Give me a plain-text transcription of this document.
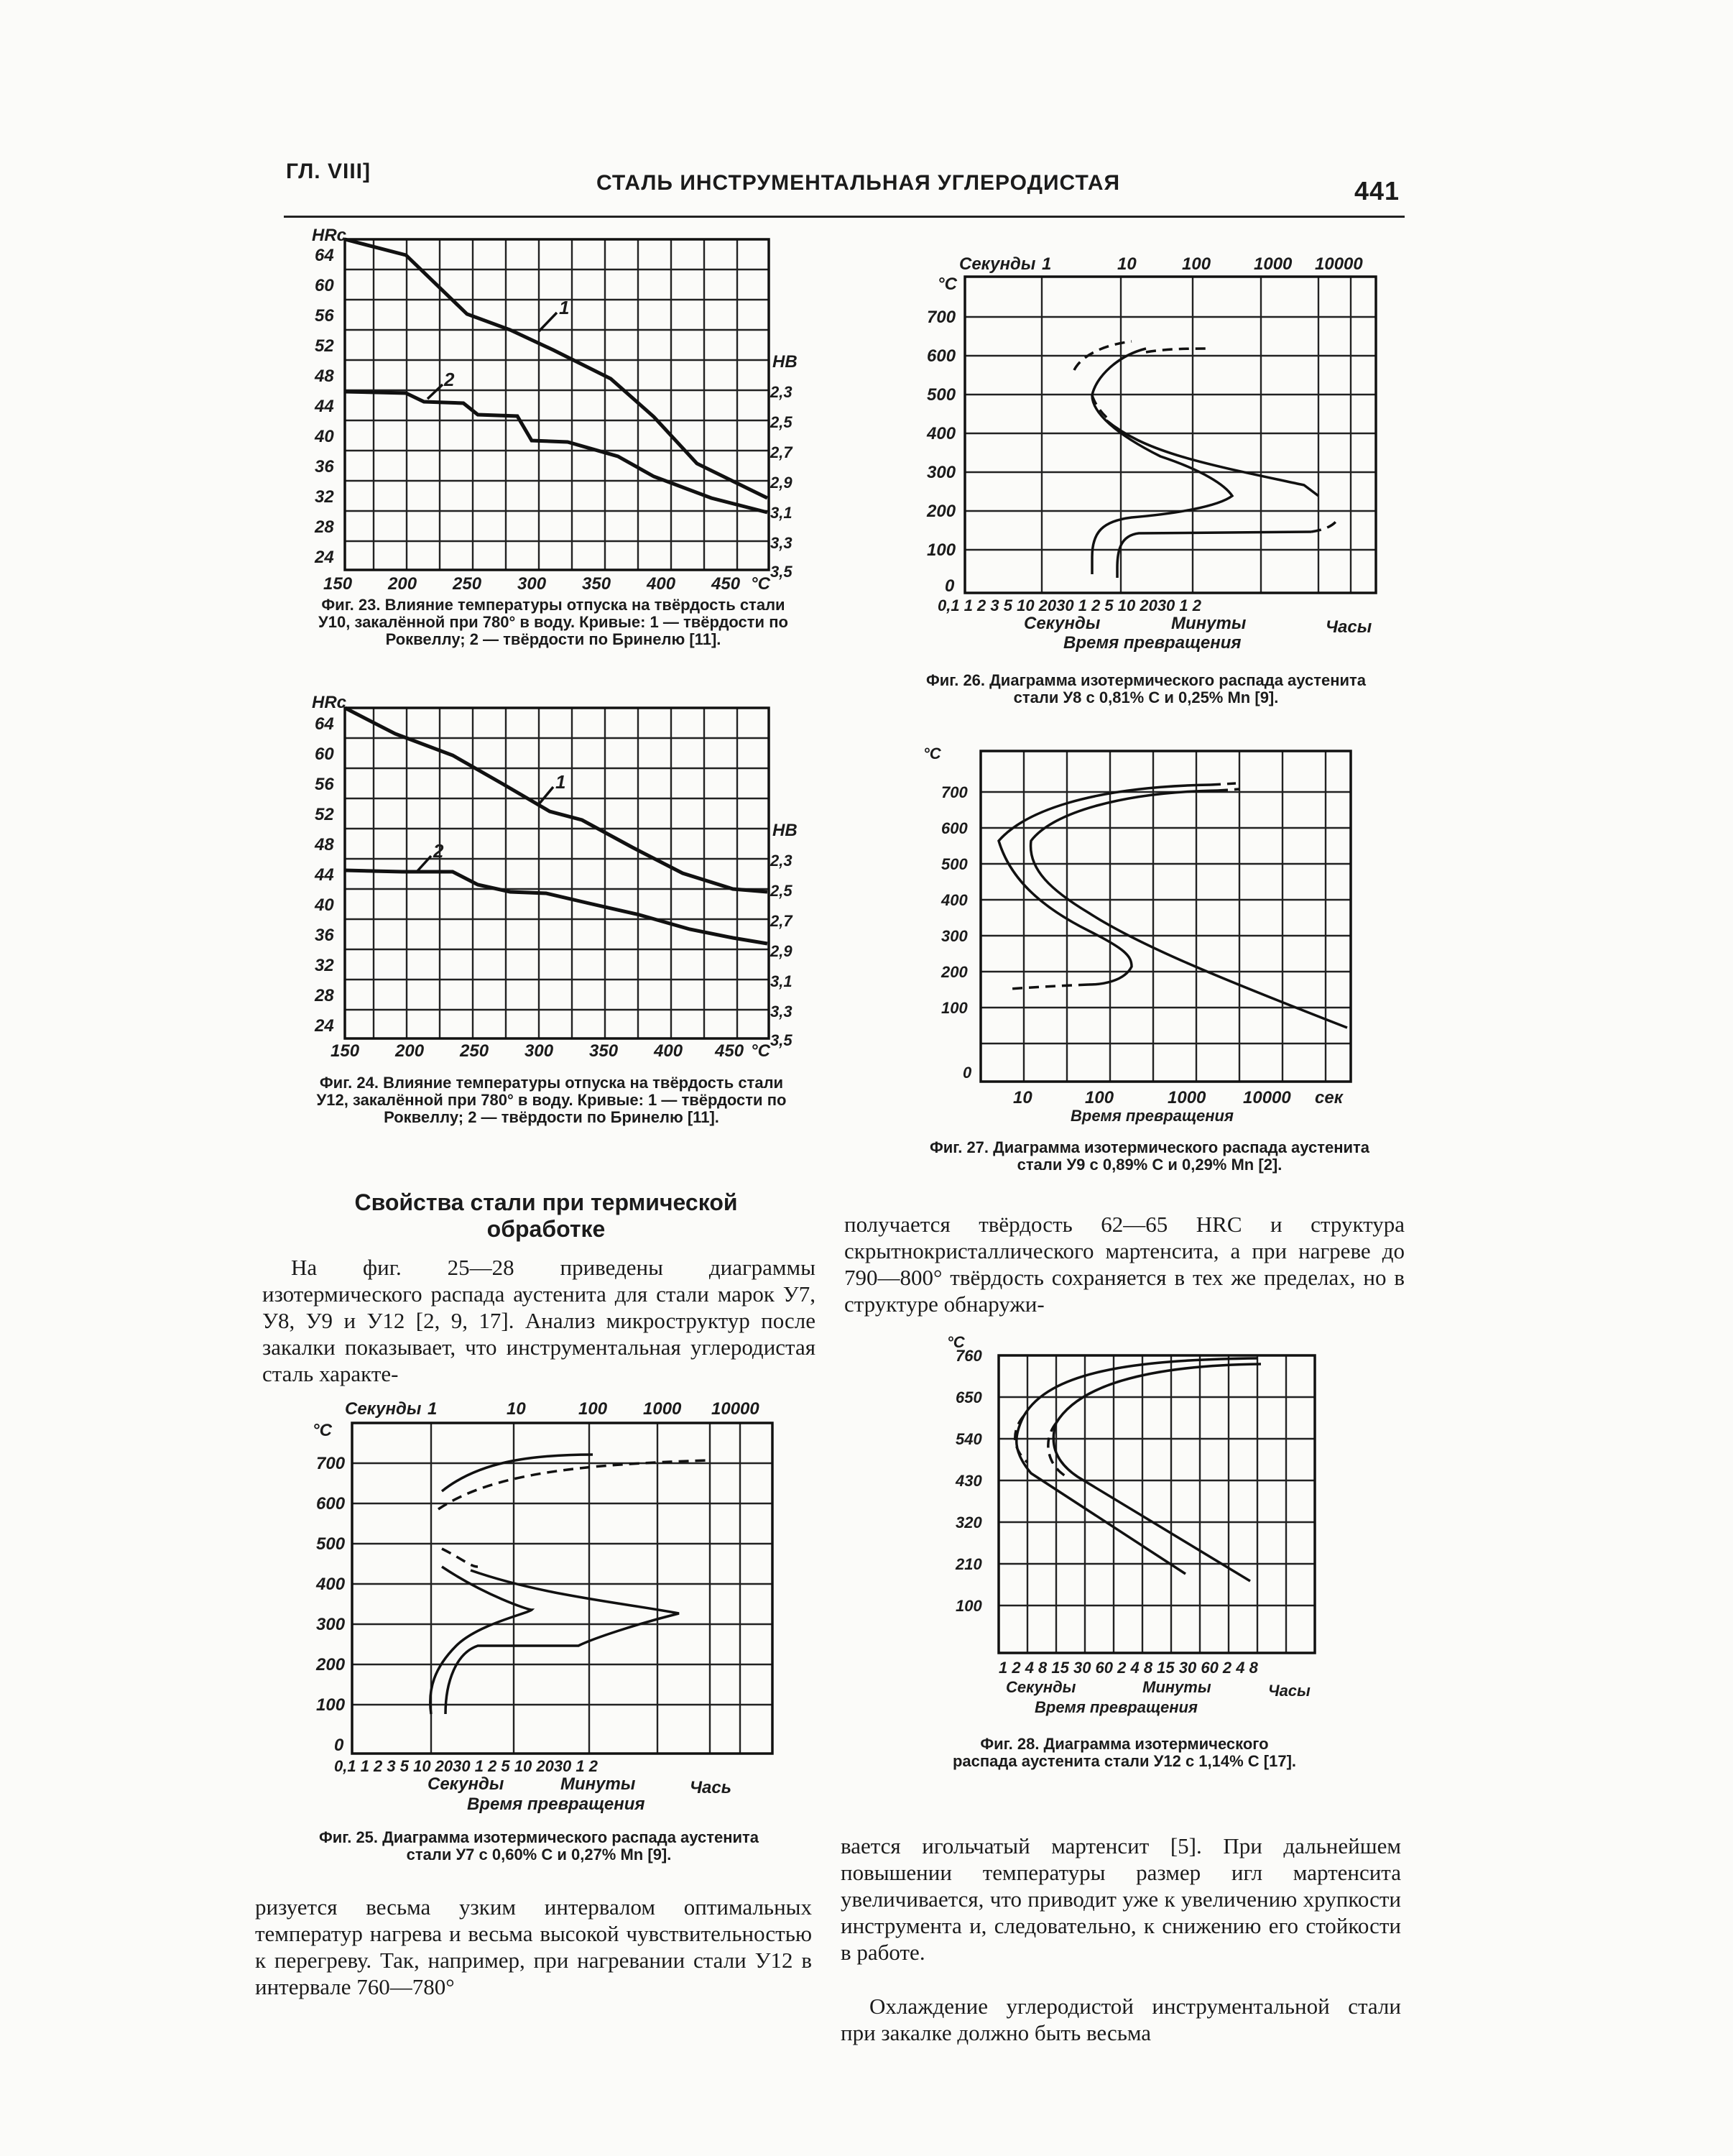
ГЛ. VIII]	СТАЛЬ ИНСТРУМЕНТАЛЬНАЯ УГЛЕРОДИСТАЯ	441
1
2
HRc
HB
64
60
56
52
48
44
40
36
32
28
24
2,3
2,5
2,7
2,9
3,1
3,3
3,5
150 200 250 300 350 400 450 °C
Фиг. 23. Влияние температуры отпуска на твёрдость стали У10, закалённой при 780° в воду. Кривые: 1 — твёрдости по Роквеллу; 2 — твёрдости по Бринелю [11].
1
2
HRc
HB
64
60
56
52
48
44
40
36
32
28
24
2,3
2,5
2,7
2,9
3,1
3,3
3,5
150 200 250 300 350 400 450 °C
Фиг. 24. Влияние температуры отпуска на твёрдость стали У12, закалённой при 780° в воду. Кривые: 1 — твёрдости по Роквеллу; 2 — твёрдости по Бринелю [11].
Свойства стали при термической обработке
На фиг. 25—28 приведены диаграммы изотермического распада аустенита для стали марок У7, У8, У9 и У12 [2, 9, 17]. Анализ микроструктур после закалки показывает, что инструментальная углеродистая сталь характе-
Секунды 1	10	100 1000 10000
°C
700
600
500
400
300
200
100
0
0,1 1 2 3 5 10 2030 1 2 5 10 2030 1 2
Секунды	Минуты	Чась
Время превращения
Фиг. 25. Диаграмма изотермического распада аустенита стали У7 с 0,60% С и 0,27% Мn [9].
ризуется весьма узким интервалом оптимальных температур нагрева и весьма высокой чувствительностью к перегреву. Так, например, при нагревании стали У12 в интервале 760—780°
Секунды 1	10	100 1000 10000
°C
700
600
500
400
300
200
100
0
0,1 1 2 3 5 10 2030 1 2 5 10 2030 1 2
Секунды	Минуты	Часы
Время превращения
Фиг. 26. Диаграмма изотермического распада аустенита стали У8 с 0,81% С и 0,25% Мn [9].
°C
700
600
500
400
300
200
100
0
10	100	1000 10000 сек
Время превращения
Фиг. 27. Диаграмма изотермического распада аустенита стали У9 с 0,89% С и 0,29% Мn [2].
получается твёрдость 62—65 HRC и структура скрытнокристаллического мартенсита, а при нагреве до 790—800° твёрдость сохраняется в тех же пределах, но в структуре обнаружи-
°C
760
650
540
430
320
210
100
1 2 4 8 15 30 60 2 4 8 15 30 60 2 4 8
Секунды	Минуты	Часы
Время превращения
Фиг. 28. Диаграмма изотермического распада аустенита стали У12 с 1,14% С [17].
вается игольчатый мартенсит [5]. При дальнейшем повышении температуры размер игл мартенсита увеличивается, что приводит уже к увеличению хрупкости инструмента и, следовательно, к снижению его стойкости в работе.
Охлаждение углеродистой инструментальной стали при закалке должно быть весьма
